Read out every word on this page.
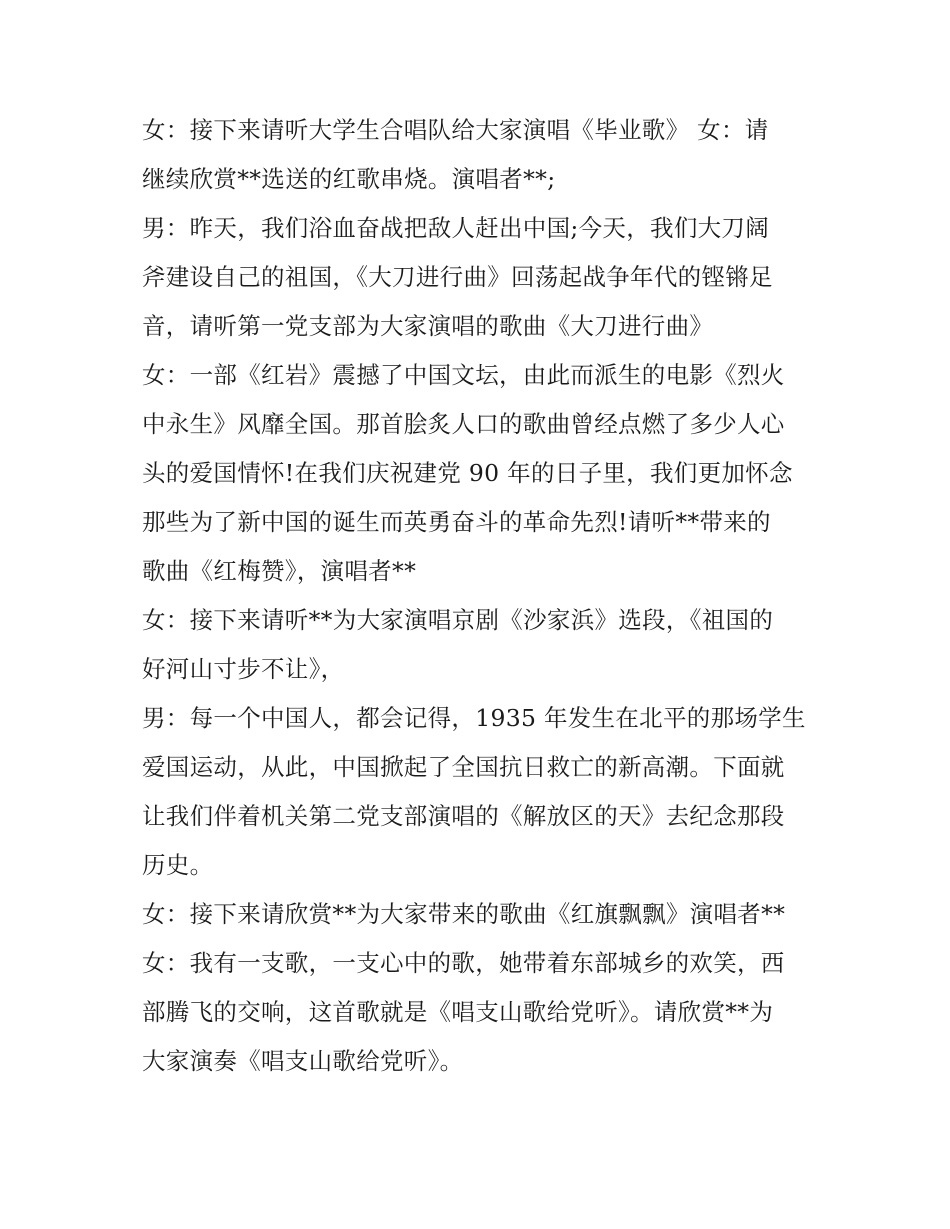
女：接下来请听大学生合唱队给大家演唱《毕业歌》 女：请
继续欣赏**选送的红歌串烧。演唱者**;
男：昨天，我们浴血奋战把敌人赶出中国;今天，我们大刀阔
斧建设自己的祖国，《大刀进行曲》回荡起战争年代的铿锵足
音，请听第一党支部为大家演唱的歌曲《大刀进行曲》
女：一部《红岩》震撼了中国文坛，由此而派生的电影《烈火
中永生》风靡全国。那首脍炙人口的歌曲曾经点燃了多少人心
头的爱国情怀!在我们庆祝建党 90 年的日子里，我们更加怀念
那些为了新中国的诞生而英勇奋斗的革命先烈!请听**带来的
歌曲《红梅赞》，演唱者**
女：接下来请听**为大家演唱京剧《沙家浜》选段，《祖国的
好河山寸步不让》，
男：每一个中国人，都会记得，1935 年发生在北平的那场学生
爱国运动，从此，中国掀起了全国抗日救亡的新高潮。下面就
让我们伴着机关第二党支部演唱的《解放区的天》去纪念那段
历史。
女：接下来请欣赏**为大家带来的歌曲《红旗飘飘》演唱者**
女：我有一支歌，一支心中的歌，她带着东部城乡的欢笑，西
部腾飞的交响，这首歌就是《唱支山歌给党听》。请欣赏**为
大家演奏《唱支山歌给党听》。
